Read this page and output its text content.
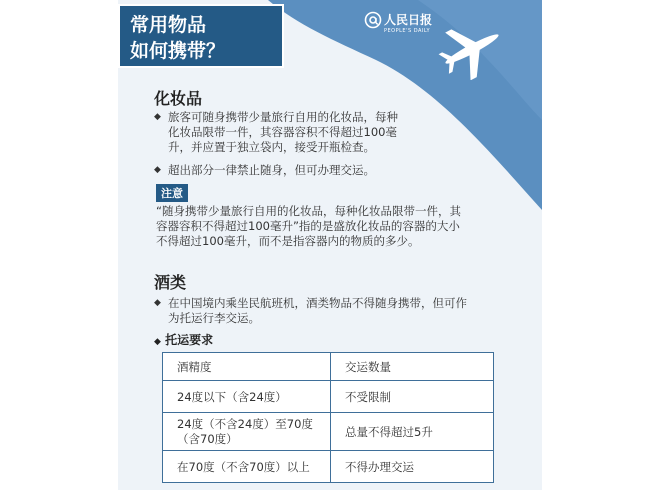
常用物品
如何携带？
人民日报
PEOPLE'S DAILY
化妆品
◆ 旅客可随身携带少量旅行自用的化妆品，每种
化妆品限带一件，其容器容积不得超过100毫
升，并应置于独立袋内，接受开瓶检查。
◆ 超出部分一律禁止随身，但可办理交运。
注意
“随身携带少量旅行自用的化妆品，每种化妆品限带一件，其
容器容积不得超过100毫升”指的是盛放化妆品的容器的大小
不得超过100毫升，而不是指容器内的物质的多少。
酒类
◆ 在中国境内乘坐民航班机，酒类物品不得随身携带，但可作
为托运行李交运。
◆ 托运要求
酒精度	交运数量
24度以下（含24度）	不受限制
24度（不含24度）至70度（含70度）	总量不得超过5升
在70度（不含70度）以上	不得办理交运
